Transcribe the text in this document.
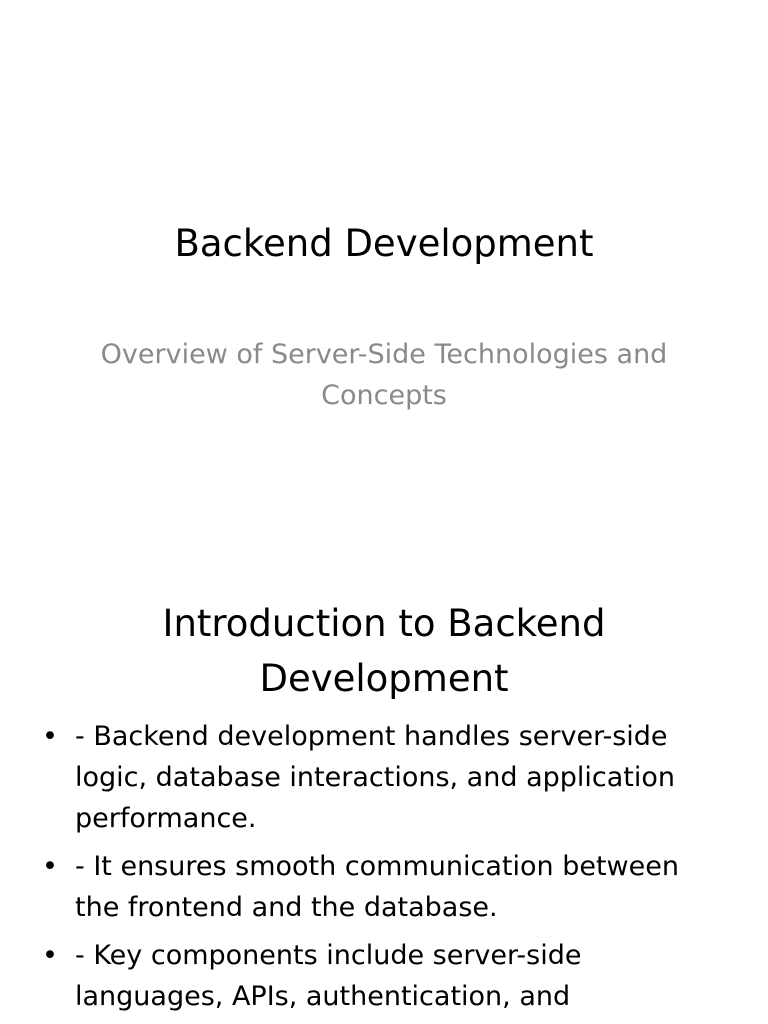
Backend Development

Overview of Server-Side Technologies and Concepts

Introduction to Backend Development
• - Backend development handles server-side logic, database interactions, and application performance.
• - It ensures smooth communication between the frontend and the database.
• - Key components include server-side languages, APIs, authentication, and
